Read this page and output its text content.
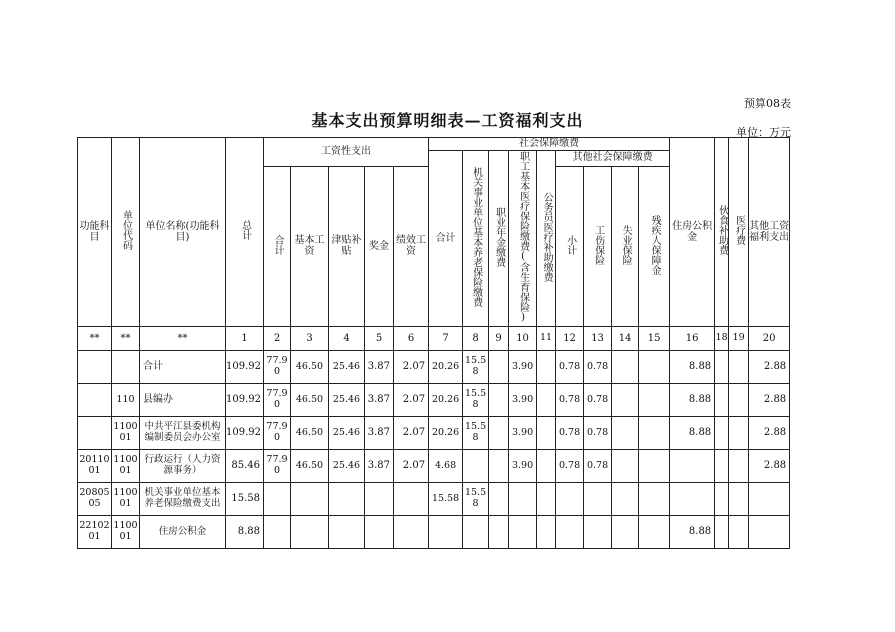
预算08表
基本支出预算明细表—工资福利支出
单位：万元
功能科目	单位代码	单位名称(功能科目)	总计	工资性支出					社会保障缴费									住房公积金	伙食补助费	医疗费	其他工资福利支出
									合计	机关事业单位基本养老保险缴费	职业年金缴费	职工基本医疗保险缴费(含生育保险)	公务员医疗补助缴费	其他社会保障缴费							
				合计	基本工资	津贴补贴	奖金	绩效工资						小计	工伤保险	失业保险	残疾人保障金				
**	**	**	1	2	3	4	5	6	7	8	9	10	11	12	13	14	15	16	18	19	20
		合计	109.92	77.90	46.50	25.46	3.87	2.07	20.26	15.58		3.90		0.78	0.78			8.88			2.88
	110	县编办	109.92	77.90	46.50	25.46	3.87	2.07	20.26	15.58		3.90		0.78	0.78			8.88			2.88
	110001	中共平江县委机构编制委员会办公室	109.92	77.90	46.50	25.46	3.87	2.07	20.26	15.58		3.90		0.78	0.78			8.88			2.88
2011001	110001	行政运行（人力资源事务）	85.46	77.90	46.50	25.46	3.87	2.07	4.68			3.90		0.78	0.78						2.88
2080505	110001	机关事业单位基本养老保险缴费支出	15.58						15.58	15.58											
2210201	110001	住房公积金	8.88															8.88			
